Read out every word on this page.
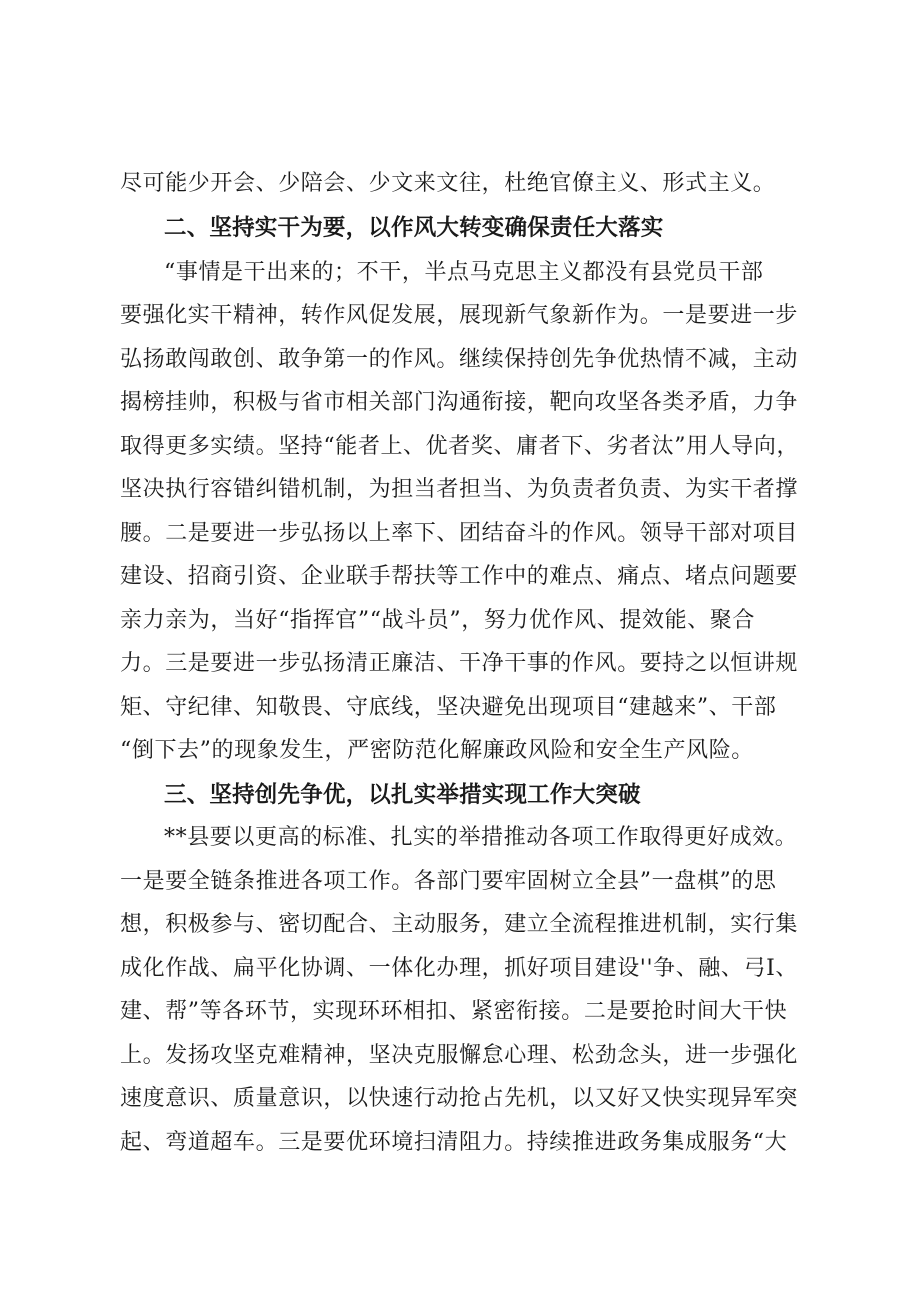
尽可能少开会、少陪会、少文来文往，杜绝官僚主义、形式主义。
二、坚持实干为要，以作风大转变确保责任大落实
“事情是干出来的；不干，半点马克思主义都没有县党员干部
要强化实干精神，转作风促发展，展现新气象新作为。一是要进一步
弘扬敢闯敢创、敢争第一的作风。继续保持创先争优热情不减，主动
揭榜挂帅，积极与省市相关部门沟通衔接，靶向攻坚各类矛盾，力争
取得更多实绩。坚持“能者上、优者奖、庸者下、劣者汰”用人导向，
坚决执行容错纠错机制，为担当者担当、为负责者负责、为实干者撑
腰。二是要进一步弘扬以上率下、团结奋斗的作风。领导干部对项目
建设、招商引资、企业联手帮扶等工作中的难点、痛点、堵点问题要
亲力亲为，当好“指挥官”“战斗员”，努力优作风、提效能、聚合
力。三是要进一步弘扬清正廉洁、干净干事的作风。要持之以恒讲规
矩、守纪律、知敬畏、守底线，坚决避免出现项目“建越来”、干部
“倒下去”的现象发生，严密防范化解廉政风险和安全生产风险。
三、坚持创先争优，以扎实举措实现工作大突破
**县要以更高的标准、扎实的举措推动各项工作取得更好成效。
一是要全链条推进各项工作。各部门要牢固树立全县”一盘棋”的思
想，积极参与、密切配合、主动服务，建立全流程推进机制，实行集
成化作战、扁平化协调、一体化办理，抓好项目建设''争、融、弓I、
建、帮”等各环节，实现环环相扣、紧密衔接。二是要抢时间大干快
上。发扬攻坚克难精神，坚决克服懈怠心理、松劲念头，进一步强化
速度意识、质量意识，以快速行动抢占先机，以又好又快实现异军突
起、弯道超车。三是要优环境扫清阻力。持续推进政务集成服务“大
